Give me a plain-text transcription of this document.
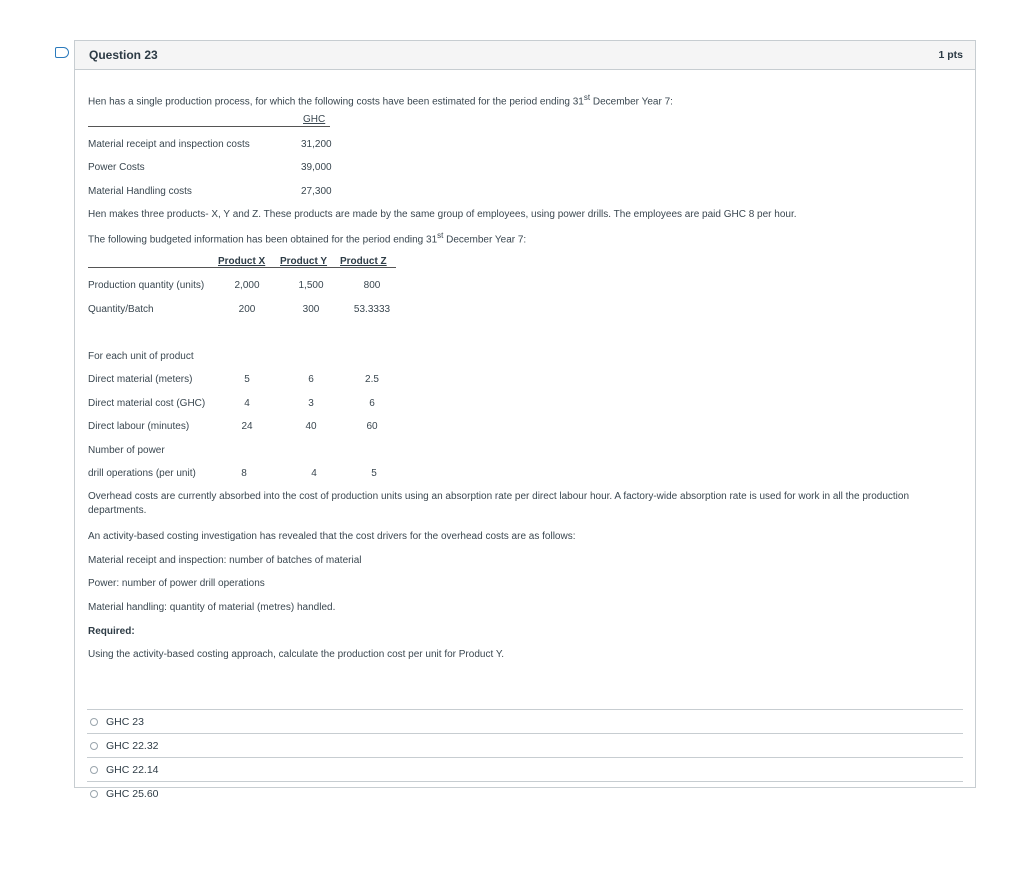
Question 23	1 pts
Hen has a single production process, for which the following costs have been estimated for the period ending 31st December Year 7:
GHC
Material receipt and inspection costs	31,200
Power Costs	39,000
Material Handling costs	27,300
Hen makes three products- X, Y and Z. These products are made by the same group of employees, using power drills. The employees are paid GHC 8 per hour.
The following budgeted information has been obtained for the period ending 31st December Year 7:
Product X Product Y Product Z
Production quantity (units)	2,000	1,500	800
Quantity/Batch	200	300	53.3333
For each unit of product
Direct material (meters)	5	6	2.5
Direct material cost (GHC)	4	3	6
Direct labour (minutes)	24	40	60
Number of power
drill operations (per unit)	8	4	5
Overhead costs are currently absorbed into the cost of production units using an absorption rate per direct labour hour. A factory-wide absorption rate is used for work in all the production departments.
An activity-based costing investigation has revealed that the cost drivers for the overhead costs are as follows:
Material receipt and inspection: number of batches of material
Power: number of power drill operations
Material handling: quantity of material (metres) handled.
Required:
Using the activity-based costing approach, calculate the production cost per unit for Product Y.
GHC 23
GHC 22.32
GHC 22.14
GHC 25.60
